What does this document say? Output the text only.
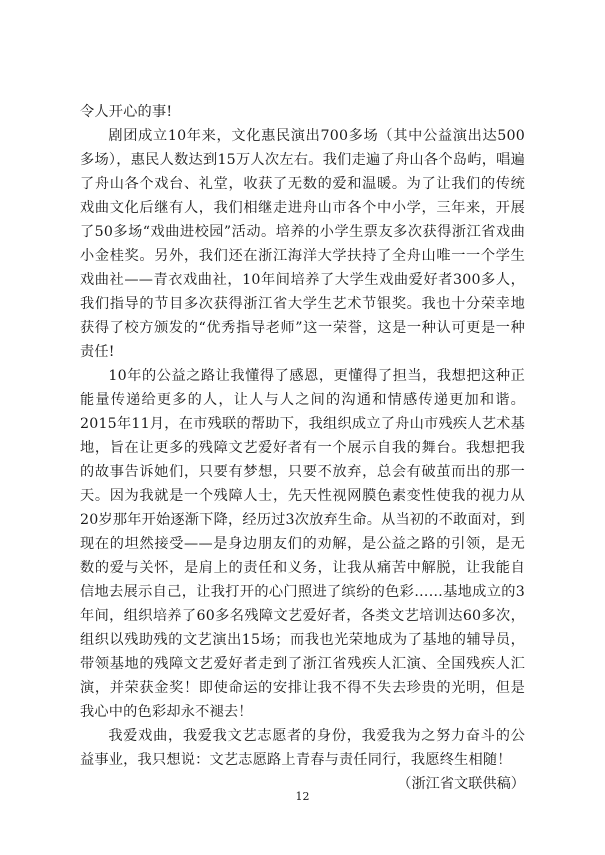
令人开心的事!

剧团成立10年来，文化惠民演出700多场（其中公益演出达500多场），惠民人数达到15万人次左右。我们走遍了舟山各个岛屿，唱遍了舟山各个戏台、礼堂，收获了无数的爱和温暖。为了让我们的传统戏曲文化后继有人，我们相继走进舟山市各个中小学，三年来，开展了50多场“戏曲进校园”活动。培养的小学生票友多次获得浙江省戏曲小金桂奖。另外，我们还在浙江海洋大学扶持了全舟山唯一一个学生戏曲社——青衣戏曲社，10年间培养了大学生戏曲爱好者300多人，我们指导的节目多次获得浙江省大学生艺术节银奖。我也十分荣幸地获得了校方颁发的“优秀指导老师”这一荣誉，这是一种认可更是一种责任!

10年的公益之路让我懂得了感恩，更懂得了担当，我想把这种正能量传递给更多的人，让人与人之间的沟通和情感传递更加和谐。2015年11月，在市残联的帮助下，我组织成立了舟山市残疾人艺术基地，旨在让更多的残障文艺爱好者有一个展示自我的舞台。我想把我的故事告诉她们，只要有梦想，只要不放弃，总会有破茧而出的那一天。因为我就是一个残障人士，先天性视网膜色素变性使我的视力从20岁那年开始逐渐下降，经历过3次放弃生命。从当初的不敢面对，到现在的坦然接受——是身边朋友们的劝解，是公益之路的引领，是无数的爱与关怀，是肩上的责任和义务，让我从痛苦中解脱，让我能自信地去展示自己，让我打开的心门照进了缤纷的色彩……基地成立的3年间，组织培养了60多名残障文艺爱好者，各类文艺培训达60多次，组织以残助残的文艺演出15场；而我也光荣地成为了基地的辅导员，带领基地的残障文艺爱好者走到了浙江省残疾人汇演、全国残疾人汇演，并荣获金奖！即使命运的安排让我不得不失去珍贵的光明，但是我心中的色彩却永不褪去！

我爱戏曲，我爱我文艺志愿者的身份，我爱我为之努力奋斗的公益事业，我只想说：文艺志愿路上青春与责任同行，我愿终生相随！

（浙江省文联供稿）

12
